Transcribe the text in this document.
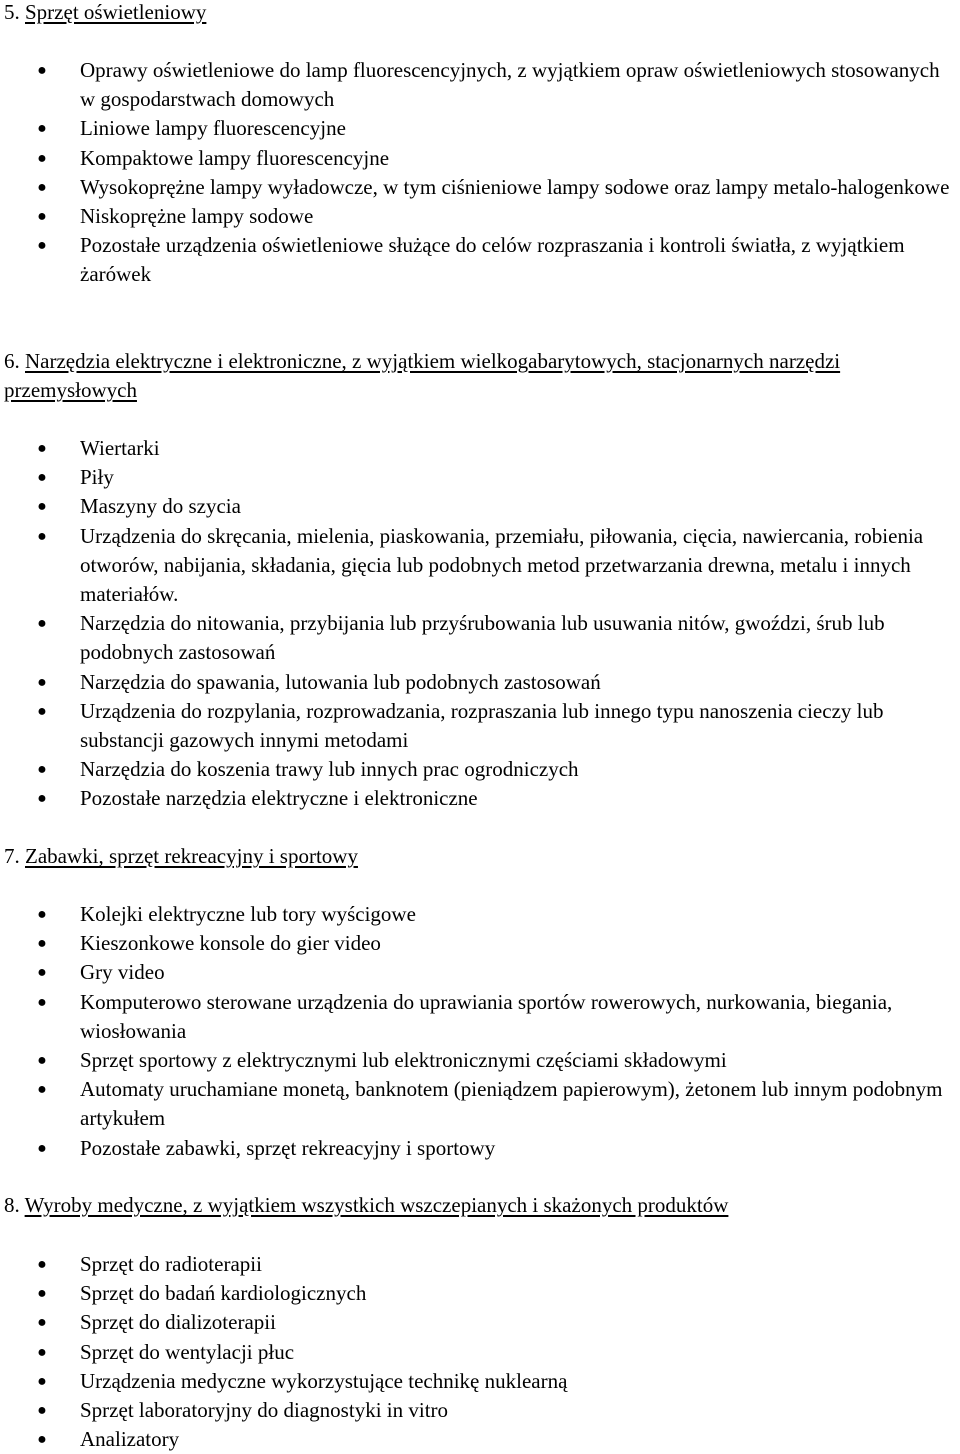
5. Sprzęt oświetleniowy
● Oprawy oświetleniowe do lamp fluorescencyjnych, z wyjątkiem opraw oświetleniowych stosowanych w gospodarstwach domowych
● Liniowe lampy fluorescencyjne
● Kompaktowe lampy fluorescencyjne
● Wysokoprężne lampy wyładowcze, w tym ciśnieniowe lampy sodowe oraz lampy metalo-halogenkowe
● Niskoprężne lampy sodowe
● Pozostałe urządzenia oświetleniowe służące do celów rozpraszania i kontroli światła, z wyjątkiem żarówek
6. Narzędzia elektryczne i elektroniczne, z wyjątkiem wielkogabarytowych, stacjonarnych narzędzi przemysłowych
● Wiertarki
● Piły
● Maszyny do szycia
● Urządzenia do skręcania, mielenia, piaskowania, przemiału, piłowania, cięcia, nawiercania, robienia otworów, nabijania, składania, gięcia lub podobnych metod przetwarzania drewna, metalu i innych materiałów.
● Narzędzia do nitowania, przybijania lub przyśrubowania lub usuwania nitów, gwoździ, śrub lub podobnych zastosowań
● Narzędzia do spawania, lutowania lub podobnych zastosowań
● Urządzenia do rozpylania, rozprowadzania, rozpraszania lub innego typu nanoszenia cieczy lub substancji gazowych innymi metodami
● Narzędzia do koszenia trawy lub innych prac ogrodniczych
● Pozostałe narzędzia elektryczne i elektroniczne
7. Zabawki, sprzęt rekreacyjny i sportowy
● Kolejki elektryczne lub tory wyścigowe
● Kieszonkowe konsole do gier video
● Gry video
● Komputerowo sterowane urządzenia do uprawiania sportów rowerowych, nurkowania, biegania, wiosłowania
● Sprzęt sportowy z elektrycznymi lub elektronicznymi częściami składowymi
● Automaty uruchamiane monetą, banknotem (pieniądzem papierowym), żetonem lub innym podobnym artykułem
● Pozostałe zabawki, sprzęt rekreacyjny i sportowy
8. Wyroby medyczne, z wyjątkiem wszystkich wszczepianych i skażonych produktów
● Sprzęt do radioterapii
● Sprzęt do badań kardiologicznych
● Sprzęt do dializoterapii
● Sprzęt do wentylacji płuc
● Urządzenia medyczne wykorzystujące technikę nuklearną
● Sprzęt laboratoryjny do diagnostyki in vitro
● Analizatory
